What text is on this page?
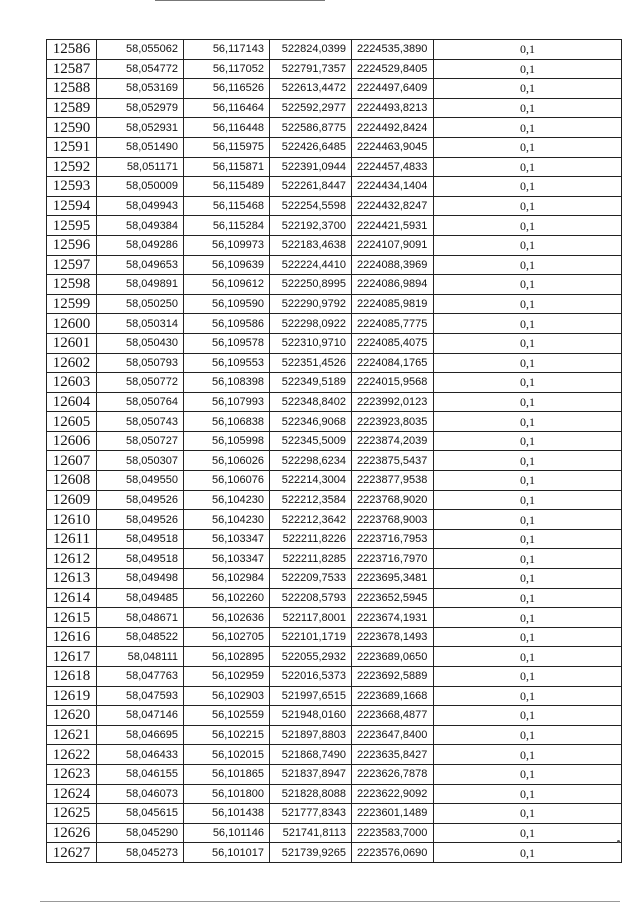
12586	58,055062	56,117143	522824,0399	2224535,3890	0,1
12587	58,054772	56,117052	522791,7357	2224529,8405	0,1
12588	58,053169	56,116526	522613,4472	2224497,6409	0,1
12589	58,052979	56,116464	522592,2977	2224493,8213	0,1
12590	58,052931	56,116448	522586,8775	2224492,8424	0,1
12591	58,051490	56,115975	522426,6485	2224463,9045	0,1
12592	58,051171	56,115871	522391,0944	2224457,4833	0,1
12593	58,050009	56,115489	522261,8447	2224434,1404	0,1
12594	58,049943	56,115468	522254,5598	2224432,8247	0,1
12595	58,049384	56,115284	522192,3700	2224421,5931	0,1
12596	58,049286	56,109973	522183,4638	2224107,9091	0,1
12597	58,049653	56,109639	522224,4410	2224088,3969	0,1
12598	58,049891	56,109612	522250,8995	2224086,9894	0,1
12599	58,050250	56,109590	522290,9792	2224085,9819	0,1
12600	58,050314	56,109586	522298,0922	2224085,7775	0,1
12601	58,050430	56,109578	522310,9710	2224085,4075	0,1
12602	58,050793	56,109553	522351,4526	2224084,1765	0,1
12603	58,050772	56,108398	522349,5189	2224015,9568	0,1
12604	58,050764	56,107993	522348,8402	2223992,0123	0,1
12605	58,050743	56,106838	522346,9068	2223923,8035	0,1
12606	58,050727	56,105998	522345,5009	2223874,2039	0,1
12607	58,050307	56,106026	522298,6234	2223875,5437	0,1
12608	58,049550	56,106076	522214,3004	2223877,9538	0,1
12609	58,049526	56,104230	522212,3584	2223768,9020	0,1
12610	58,049526	56,104230	522212,3642	2223768,9003	0,1
12611	58,049518	56,103347	522211,8226	2223716,7953	0,1
12612	58,049518	56,103347	522211,8285	2223716,7970	0,1
12613	58,049498	56,102984	522209,7533	2223695,3481	0,1
12614	58,049485	56,102260	522208,5793	2223652,5945	0,1
12615	58,048671	56,102636	522117,8001	2223674,1931	0,1
12616	58,048522	56,102705	522101,1719	2223678,1493	0,1
12617	58,048111	56,102895	522055,2932	2223689,0650	0,1
12618	58,047763	56,102959	522016,5373	2223692,5889	0,1
12619	58,047593	56,102903	521997,6515	2223689,1668	0,1
12620	58,047146	56,102559	521948,0160	2223668,4877	0,1
12621	58,046695	56,102215	521897,8803	2223647,8400	0,1
12622	58,046433	56,102015	521868,7490	2223635,8427	0,1
12623	58,046155	56,101865	521837,8947	2223626,7878	0,1
12624	58,046073	56,101800	521828,8088	2223622,9092	0,1
12625	58,045615	56,101438	521777,8343	2223601,1489	0,1
12626	58,045290	56,101146	521741,8113	2223583,7000	0,1
12627	58,045273	56,101017	521739,9265	2223576,0690	0,1
